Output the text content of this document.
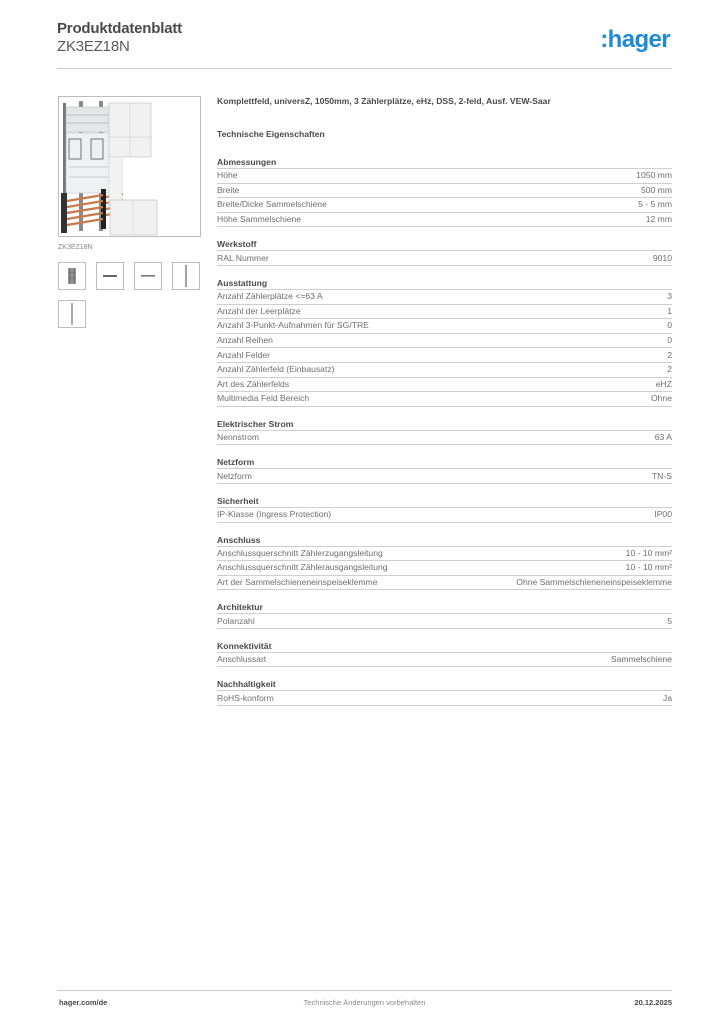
Produktdatenblatt
ZK3EZ18N	:hager
ZK3EZ18N
Komplettfeld, universZ, 1050mm, 3 Zählerplätze, eHz, DSS, 2-feld, Ausf. VEW-Saar
Technische Eigenschaften
Abmessungen
Höhe	1050 mm
Breite	500 mm
Breite/Dicke Sammelschiene	5 - 5 mm
Höhe Sammelschiene	12 mm
Werkstoff
RAL Nummer	9010
Ausstattung
Anzahl Zählerplätze <=63 A	3
Anzahl der Leerplätze	1
Anzahl 3-Punkt-Aufnahmen für SG/TRE	0
Anzahl Reihen	0
Anzahl Felder	2
Anzahl Zählerfeld (Einbausatz)	2
Art des Zählerfelds	eHZ
Multimedia Feld Bereich	Ohne
Elektrischer Strom
Nennstrom	63 A
Netzform
Netzform	TN-S
Sicherheit
IP-Klasse (Ingress Protection)	IP00
Anschluss
Anschlussquerschnitt Zählerzugangsleitung	10 - 10 mm²
Anschlussquerschnitt Zählerausgangsleitung	10 - 10 mm²
Art der Sammelschieneneinspeiseklemme	Ohne Sammelschieneneinspeiseklemme
Architektur
Polanzahl	5
Konnektivität
Anschlussart	Sammelschiene
Nachhaltigkeit
RoHS-konform	Ja
hager.com/de	Technische Änderungen vorbehalten	20.12.2025
